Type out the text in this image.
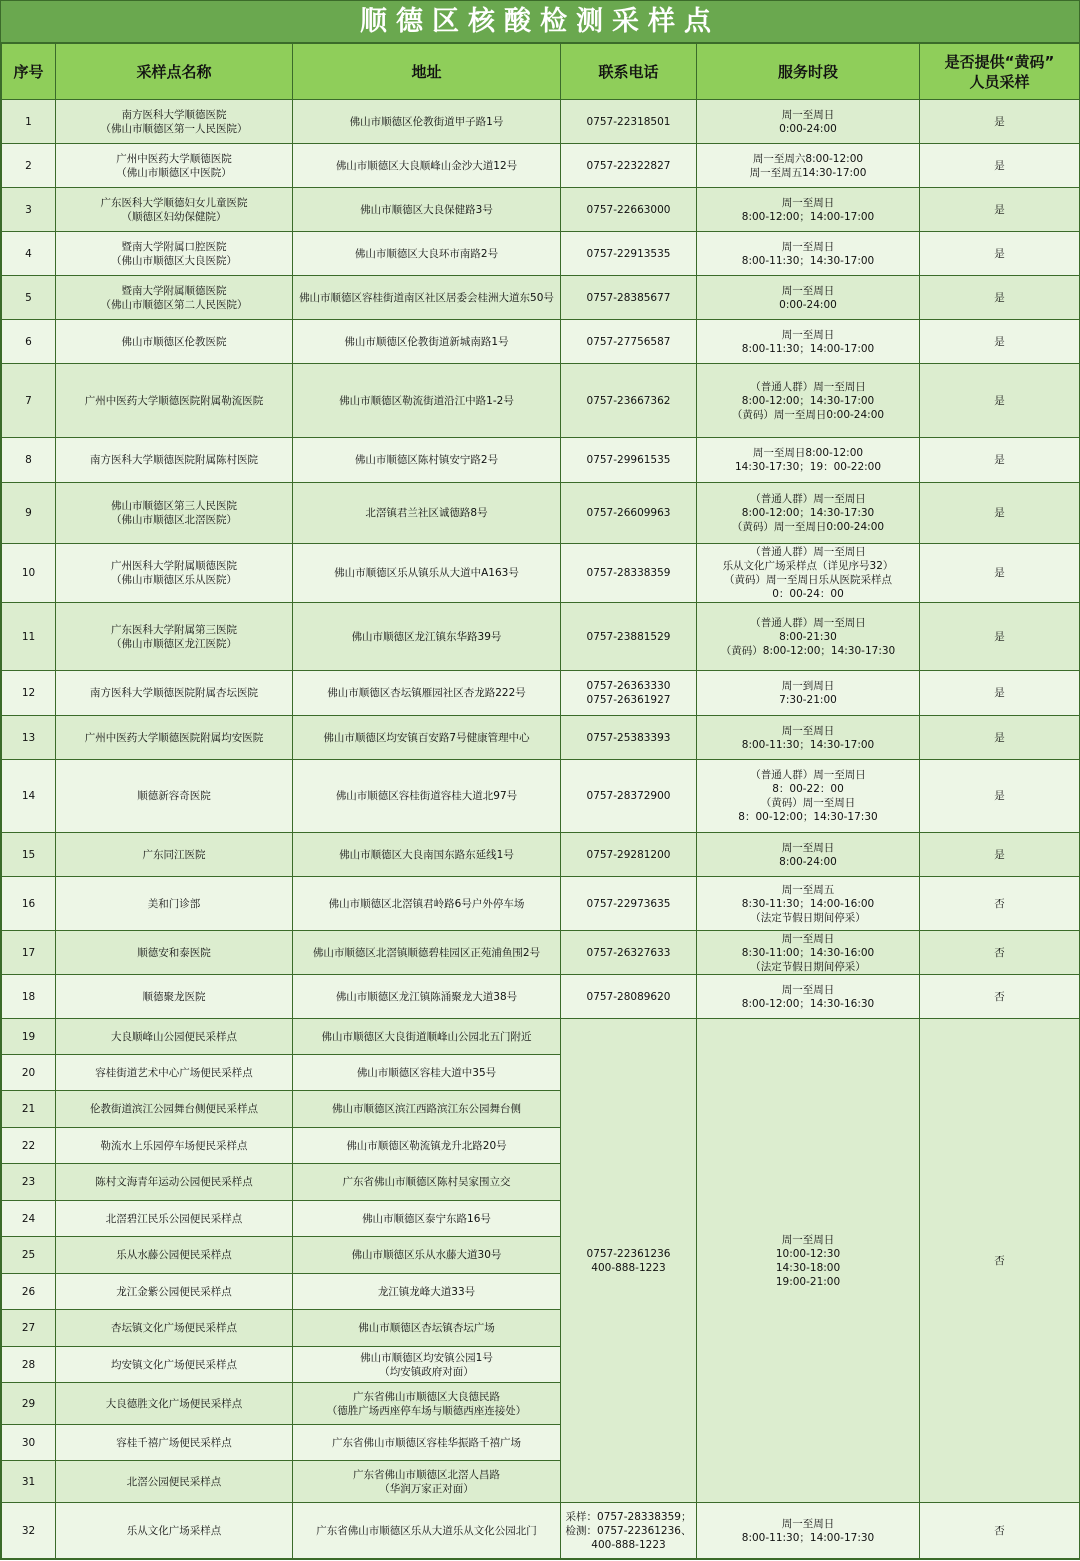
顺德区核酸检测采样点
序号	采样点名称	地址	联系电话	服务时段	是否提供“黄码”
人员采样
1	南方医科大学顺德医院
（佛山市顺德区第一人民医院）	佛山市顺德区伦教街道甲子路1号	0757-22318501	周一至周日
0:00-24:00	是
2	广州中医药大学顺德医院
（佛山市顺德区中医院）	佛山市顺德区大良顺峰山金沙大道12号	0757-22322827	周一至周六8:00-12:00
周一至周五14:30-17:00	是
3	广东医科大学顺德妇女儿童医院
（顺德区妇幼保健院）	佛山市顺德区大良保健路3号	0757-22663000	周一至周日
8:00-12:00；14:00-17:00	是
4	暨南大学附属口腔医院
（佛山市顺德区大良医院）	佛山市顺德区大良环市南路2号	0757-22913535	周一至周日
8:00-11:30；14:30-17:00	是
5	暨南大学附属顺德医院
（佛山市顺德区第二人民医院）	佛山市顺德区容桂街道南区社区居委会桂洲大道东50号	0757-28385677	周一至周日
0:00-24:00	是
6	佛山市顺德区伦教医院	佛山市顺德区伦教街道新城南路1号	0757-27756587	周一至周日
8:00-11:30；14:00-17:00	是
7	广州中医药大学顺德医院附属勒流医院	佛山市顺德区勒流街道沿江中路1-2号	0757-23667362	（普通人群）周一至周日
8:00-12:00；14:30-17:00
（黄码）周一至周日0:00-24:00	是
8	南方医科大学顺德医院附属陈村医院	佛山市顺德区陈村镇安宁路2号	0757-29961535	周一至周日8:00-12:00
14:30-17:30；19：00-22:00	是
9	佛山市顺德区第三人民医院
（佛山市顺德区北滘医院）	北滘镇君兰社区诚德路8号	0757-26609963	（普通人群）周一至周日
8:00-12:00；14:30-17:30
（黄码）周一至周日0:00-24:00	是
10	广州医科大学附属顺德医院
（佛山市顺德区乐从医院）	佛山市顺德区乐从镇乐从大道中A163号	0757-28338359	（普通人群）周一至周日
乐从文化广场采样点（详见序号32）
（黄码）周一至周日乐从医院采样点
0：00-24：00	是
11	广东医科大学附属第三医院
（佛山市顺德区龙江医院）	佛山市顺德区龙江镇东华路39号	0757-23881529	（普通人群）周一至周日
8:00-21:30
（黄码）8:00-12:00；14:30-17:30	是
12	南方医科大学顺德医院附属杏坛医院	佛山市顺德区杏坛镇雁园社区杏龙路222号	0757-26363330
0757-26361927	周一到周日
7:30-21:00	是
13	广州中医药大学顺德医院附属均安医院	佛山市顺德区均安镇百安路7号健康管理中心	0757-25383393	周一至周日
8:00-11:30；14:30-17:00	是
14	顺德新容奇医院	佛山市顺德区容桂街道容桂大道北97号	0757-28372900	（普通人群）周一至周日
8：00-22：00
（黄码）周一至周日
8：00-12:00；14:30-17:30	是
15	广东同江医院	佛山市顺德区大良南国东路东延线1号	0757-29281200	周一至周日
8:00-24:00	是
16	美和门诊部	佛山市顺德区北滘镇君岭路6号户外停车场	0757-22973635	周一至周五
8:30-11:30；14:00-16:00
（法定节假日期间停采）	否
17	顺德安和泰医院	佛山市顺德区北滘镇顺德碧桂园区正苑浦鱼围2号	0757-26327633	周一至周日
8:30-11:00；14:30-16:00
（法定节假日期间停采）	否
18	顺德聚龙医院	佛山市顺德区龙江镇陈涌聚龙大道38号	0757-28089620	周一至周日
8:00-12:00；14:30-16:30	否
19	大良顺峰山公园便民采样点	佛山市顺德区大良街道顺峰山公园北五门附近	0757-22361236
400-888-1223	周一至周日
10:00-12:30
14:30-18:00
19:00-21:00	否
20	容桂街道艺术中心广场便民采样点	佛山市顺德区容桂大道中35号			
21	伦教街道滨江公园舞台侧便民采样点	佛山市顺德区滨江西路滨江东公园舞台侧			
22	勒流水上乐园停车场便民采样点	佛山市顺德区勒流镇龙升北路20号			
23	陈村文海青年运动公园便民采样点	广东省佛山市顺德区陈村吴家围立交			
24	北滘碧江民乐公园便民采样点	佛山市顺德区泰宁东路16号			
25	乐从水藤公园便民采样点	佛山市顺德区乐从水藤大道30号			
26	龙江金紫公园便民采样点	龙江镇龙峰大道33号			
27	杏坛镇文化广场便民采样点	佛山市顺德区杏坛镇杏坛广场			
28	均安镇文化广场便民采样点	佛山市顺德区均安镇公园1号
（均安镇政府对面）			
29	大良德胜文化广场便民采样点	广东省佛山市顺德区大良德民路
（德胜广场西座停车场与顺德西座连接处）			
30	容桂千禧广场便民采样点	广东省佛山市顺德区容桂华振路千禧广场			
31	北滘公园便民采样点	广东省佛山市顺德区北滘人昌路
（华润万家正对面）			
32	乐从文化广场采样点	广东省佛山市顺德区乐从大道乐从文化公园北门	采样：0757-28338359；
检测：0757-22361236、
400-888-1223	周一至周日
8:00-11:30；14:00-17:30	否
